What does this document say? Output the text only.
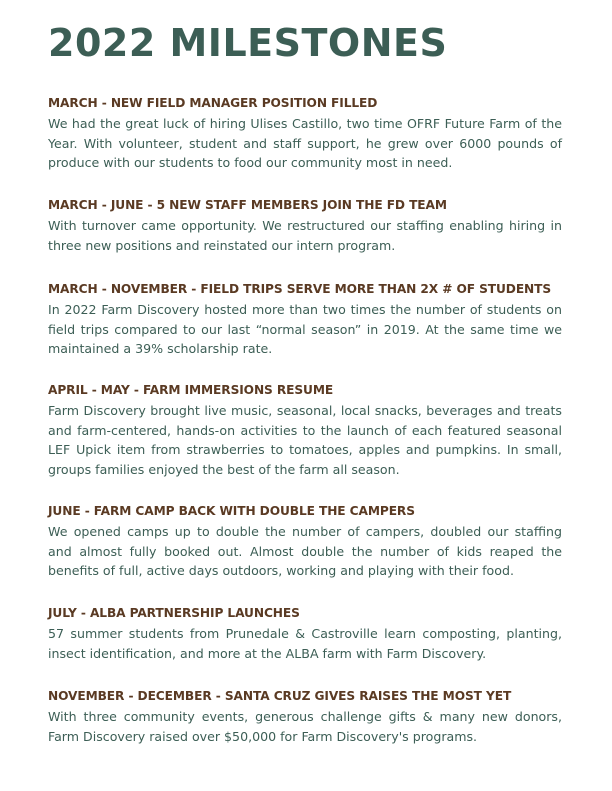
2022 MILESTONES
MARCH - NEW FIELD MANAGER POSITION FILLED

We had the great luck of hiring Ulises Castillo, two time OFRF Future Farm of the Year. With volunteer, student and staff support, he grew over 6000 pounds of produce with our students to food our community most in need.

MARCH - JUNE - 5 NEW STAFF MEMBERS JOIN THE FD TEAM

With turnover came opportunity. We restructured our staffing enabling hiring in three new positions and reinstated our intern program.

MARCH - NOVEMBER - FIELD TRIPS SERVE MORE THAN 2X # OF STUDENTS

In 2022 Farm Discovery hosted more than two times the number of students on field trips compared to our last “normal season” in 2019. At the same time we maintained a 39% scholarship rate.

APRIL - MAY - FARM IMMERSIONS RESUME

Farm Discovery brought live music, seasonal, local snacks, beverages and treats and farm-centered, hands-on activities to the launch of each featured seasonal LEF Upick item from strawberries to tomatoes, apples and pumpkins. In small, groups families enjoyed the best of the farm all season.

JUNE - FARM CAMP BACK WITH DOUBLE THE CAMPERS

We opened camps up to double the number of campers, doubled our staffing and almost fully booked out. Almost double the number of kids reaped the benefits of full, active days outdoors, working and playing with their food.

JULY - ALBA PARTNERSHIP LAUNCHES

57 summer students from Prunedale & Castroville learn composting, planting, insect identification, and more at the ALBA farm with Farm Discovery.

NOVEMBER - DECEMBER - SANTA CRUZ GIVES RAISES THE MOST YET

With three community events, generous challenge gifts & many new donors, Farm Discovery raised over $50,000 for Farm Discovery's programs.
